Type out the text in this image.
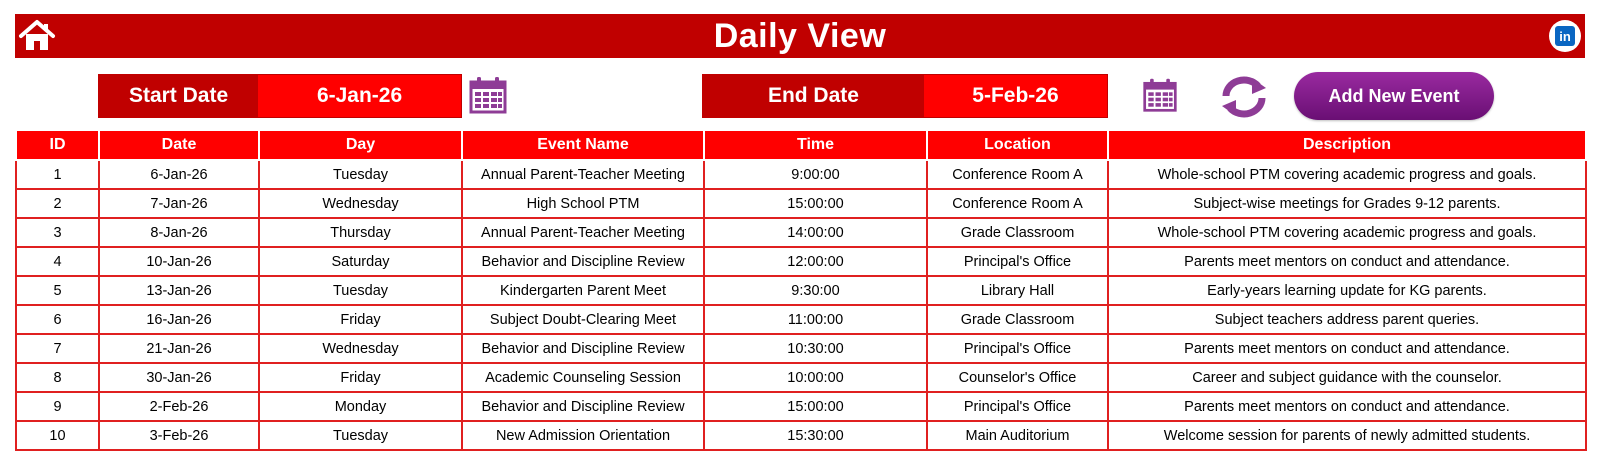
Daily View	in
Start Date	6-Jan-26	End Date	5-Feb-26	Add New Event
ID	Date	Day	Event Name	Time	Location	Description
1	6-Jan-26	Tuesday	Annual Parent-Teacher Meeting	9:00:00	Conference Room A	Whole-school PTM covering academic progress and goals.
2	7-Jan-26	Wednesday	High School PTM	15:00:00	Conference Room A	Subject-wise meetings for Grades 9-12 parents.
3	8-Jan-26	Thursday	Annual Parent-Teacher Meeting	14:00:00	Grade Classroom	Whole-school PTM covering academic progress and goals.
4	10-Jan-26	Saturday	Behavior and Discipline Review	12:00:00	Principal's Office	Parents meet mentors on conduct and attendance.
5	13-Jan-26	Tuesday	Kindergarten Parent Meet	9:30:00	Library Hall	Early-years learning update for KG parents.
6	16-Jan-26	Friday	Subject Doubt-Clearing Meet	11:00:00	Grade Classroom	Subject teachers address parent queries.
7	21-Jan-26	Wednesday	Behavior and Discipline Review	10:30:00	Principal's Office	Parents meet mentors on conduct and attendance.
8	30-Jan-26	Friday	Academic Counseling Session	10:00:00	Counselor's Office	Career and subject guidance with the counselor.
9	2-Feb-26	Monday	Behavior and Discipline Review	15:00:00	Principal's Office	Parents meet mentors on conduct and attendance.
10	3-Feb-26	Tuesday	New Admission Orientation	15:30:00	Main Auditorium	Welcome session for parents of newly admitted students.
